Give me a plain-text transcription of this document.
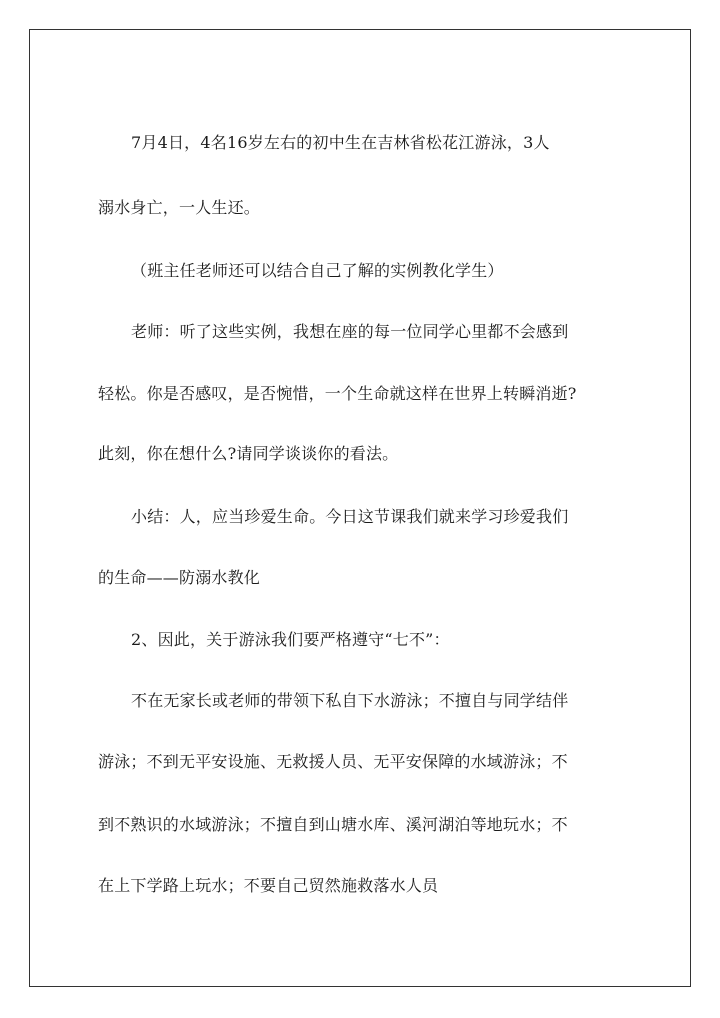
7月4日，4名16岁左右的初中生在吉林省松花江游泳，3人
溺水身亡，一人生还。
（班主任老师还可以结合自己了解的实例教化学生）
老师：听了这些实例，我想在座的每一位同学心里都不会感到
轻松。你是否感叹，是否惋惜，一个生命就这样在世界上转瞬消逝?
此刻，你在想什么?请同学谈谈你的看法。
小结：人，应当珍爱生命。今日这节课我们就来学习珍爱我们
的生命——防溺水教化
2、因此，关于游泳我们要严格遵守“七不”：
不在无家长或老师的带领下私自下水游泳；不擅自与同学结伴
游泳；不到无平安设施、无救援人员、无平安保障的水域游泳；不
到不熟识的水域游泳；不擅自到山塘水库、溪河湖泊等地玩水；不
在上下学路上玩水；不要自己贸然施救落水人员
